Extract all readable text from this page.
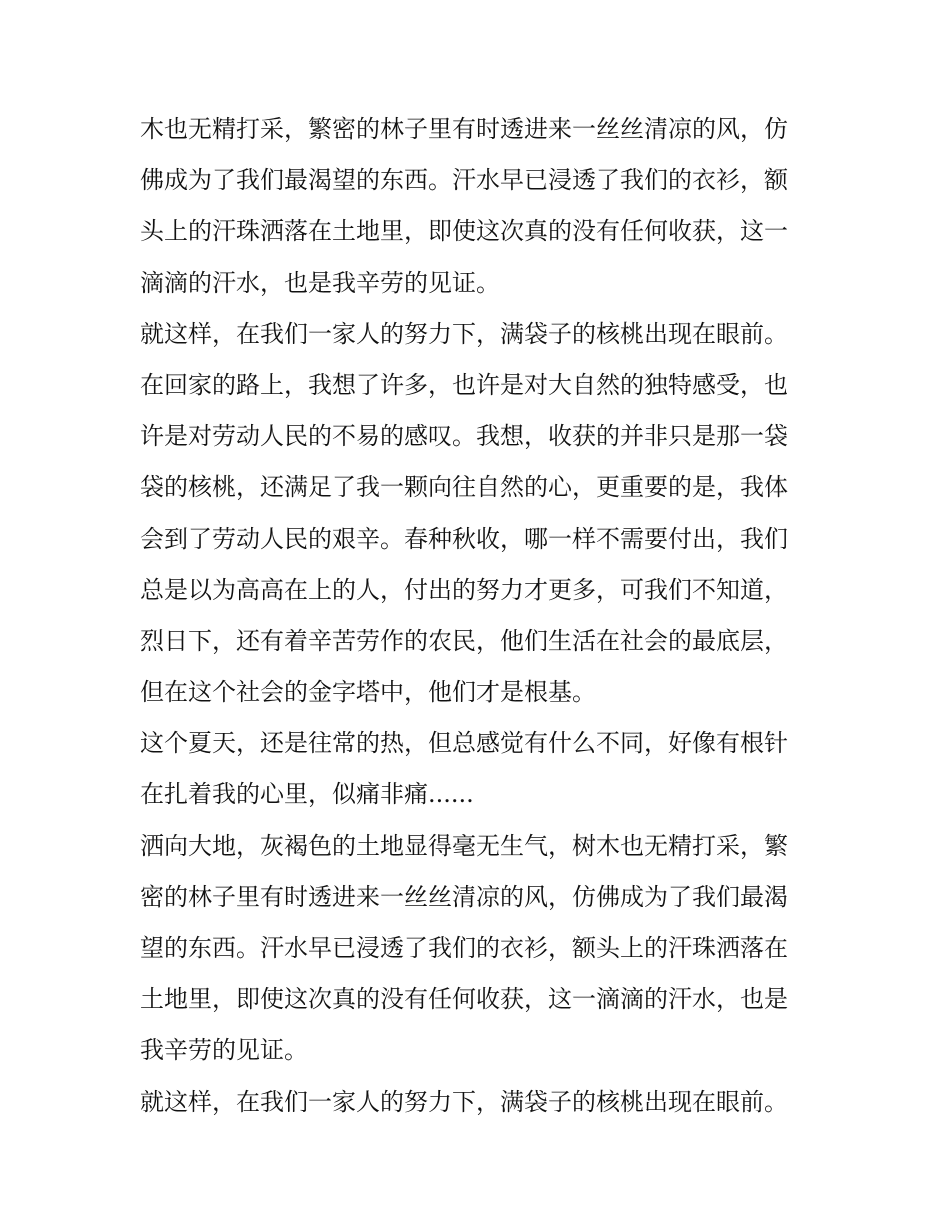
木也无精打采，繁密的林子里有时透进来一丝丝清凉的风，仿
佛成为了我们最渴望的东西。汗水早已浸透了我们的衣衫，额
头上的汗珠洒落在土地里，即使这次真的没有任何收获，这一
滴滴的汗水，也是我辛劳的见证。
就这样，在我们一家人的努力下，满袋子的核桃出现在眼前。
在回家的路上，我想了许多，也许是对大自然的独特感受，也
许是对劳动人民的不易的感叹。我想，收获的并非只是那一袋
袋的核桃，还满足了我一颗向往自然的心，更重要的是，我体
会到了劳动人民的艰辛。春种秋收，哪一样不需要付出，我们
总是以为高高在上的人，付出的努力才更多，可我们不知道，
烈日下，还有着辛苦劳作的农民，他们生活在社会的最底层，
但在这个社会的金字塔中，他们才是根基。
这个夏天，还是往常的热，但总感觉有什么不同，好像有根针
在扎着我的心里，似痛非痛......
洒向大地，灰褐色的土地显得毫无生气，树木也无精打采，繁
密的林子里有时透进来一丝丝清凉的风，仿佛成为了我们最渴
望的东西。汗水早已浸透了我们的衣衫，额头上的汗珠洒落在
土地里，即使这次真的没有任何收获，这一滴滴的汗水，也是
我辛劳的见证。
就这样，在我们一家人的努力下，满袋子的核桃出现在眼前。
